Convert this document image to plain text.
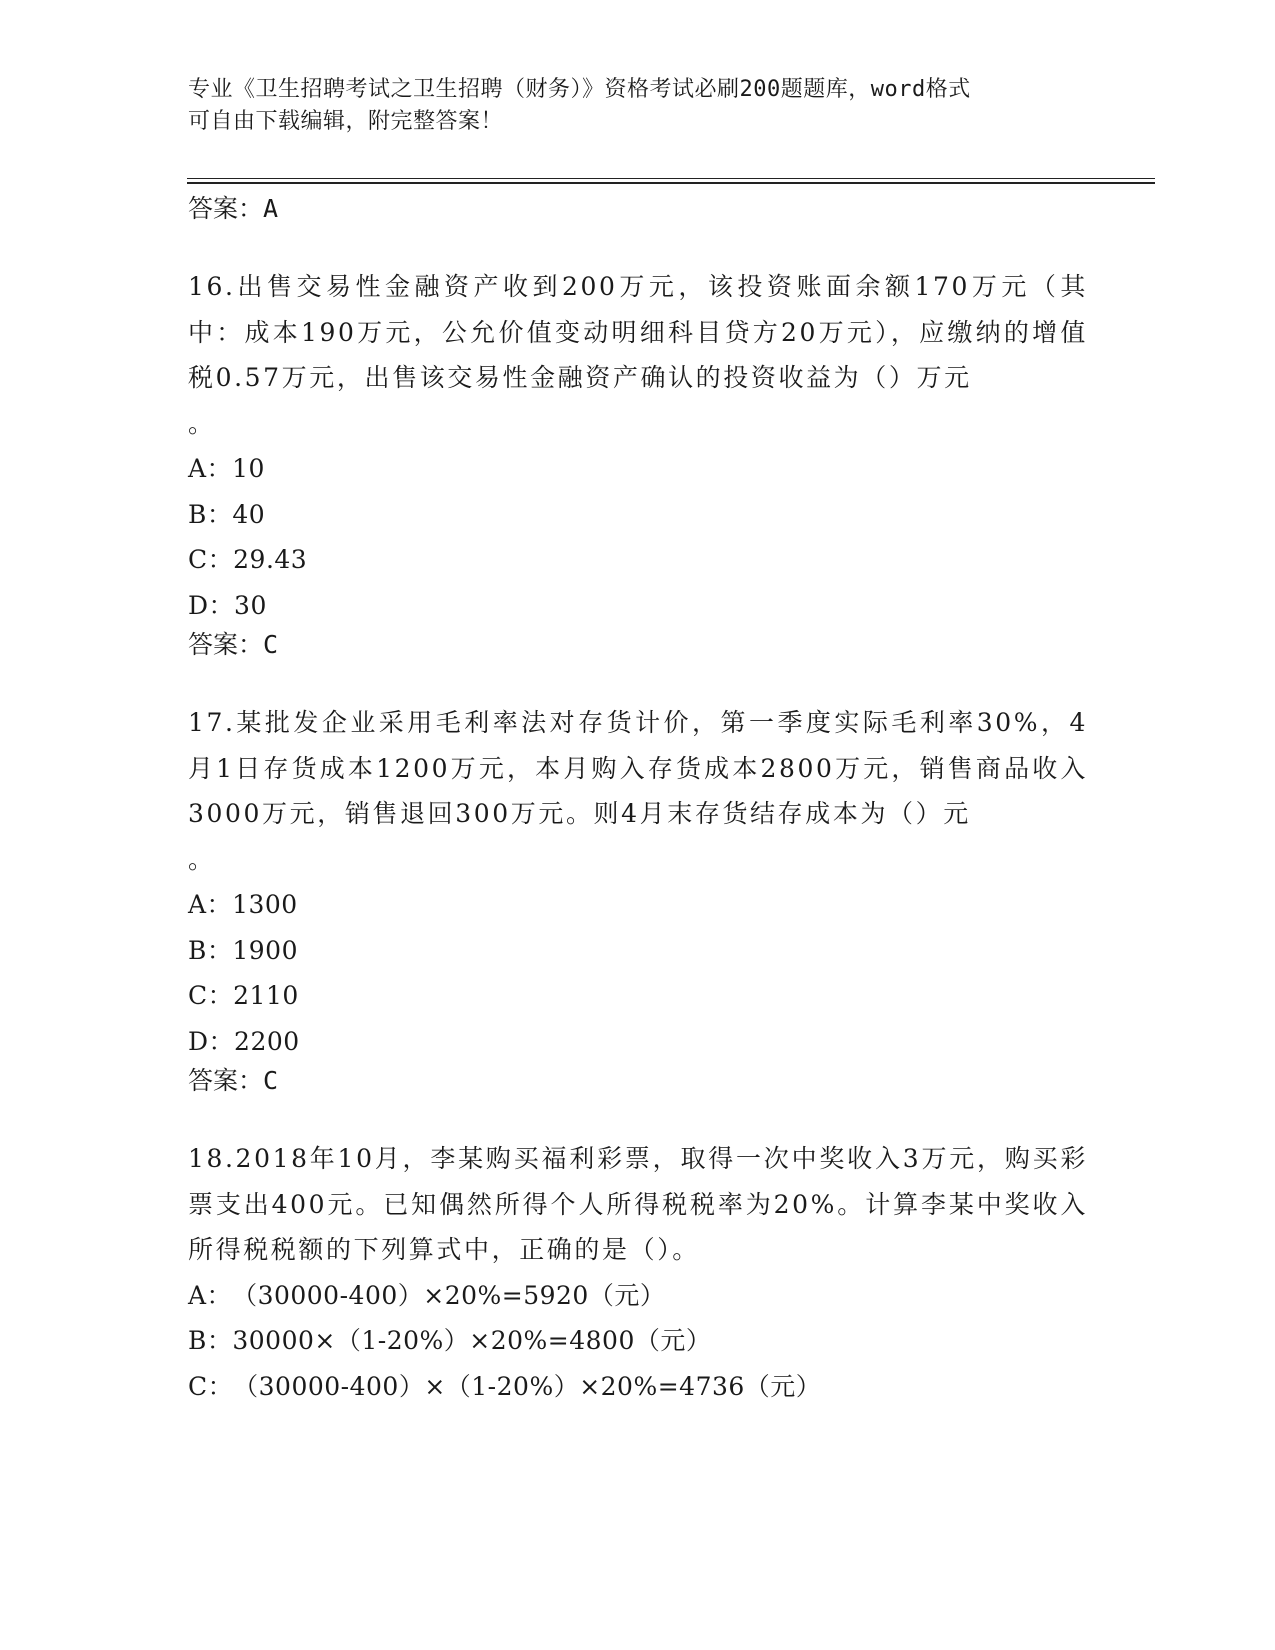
专业《卫生招聘考试之卫生招聘（财务）》资格考试必刷200题题库，word格式
可自由下载编辑，附完整答案！

答案：A

16.出售交易性金融资产收到200万元，该投资账面余额170万元（其中：成本190万元，公允价值变动明细科目贷方20万元），应缴纳的增值税0.57万元，出售该交易性金融资产确认的投资收益为（）万元
。

A：10

B：40

C：29.43

D：30

答案：C

17.某批发企业采用毛利率法对存货计价，第一季度实际毛利率30%，4月1日存货成本1200万元，本月购入存货成本2800万元，销售商品收入3000万元，销售退回300万元。则4月末存货结存成本为（）元
。

A：1300

B：1900

C：2110

D：2200

答案：C

18.2018年10月，李某购买福利彩票，取得一次中奖收入3万元，购买彩票支出400元。已知偶然所得个人所得税税率为20%。计算李某中奖收入所得税税额的下列算式中，正确的是（）。

A：（30000-400）×20%=5920（元）

B：30000×（1-20%）×20%=4800（元）

C：（30000-400）×（1-20%）×20%=4736（元）
